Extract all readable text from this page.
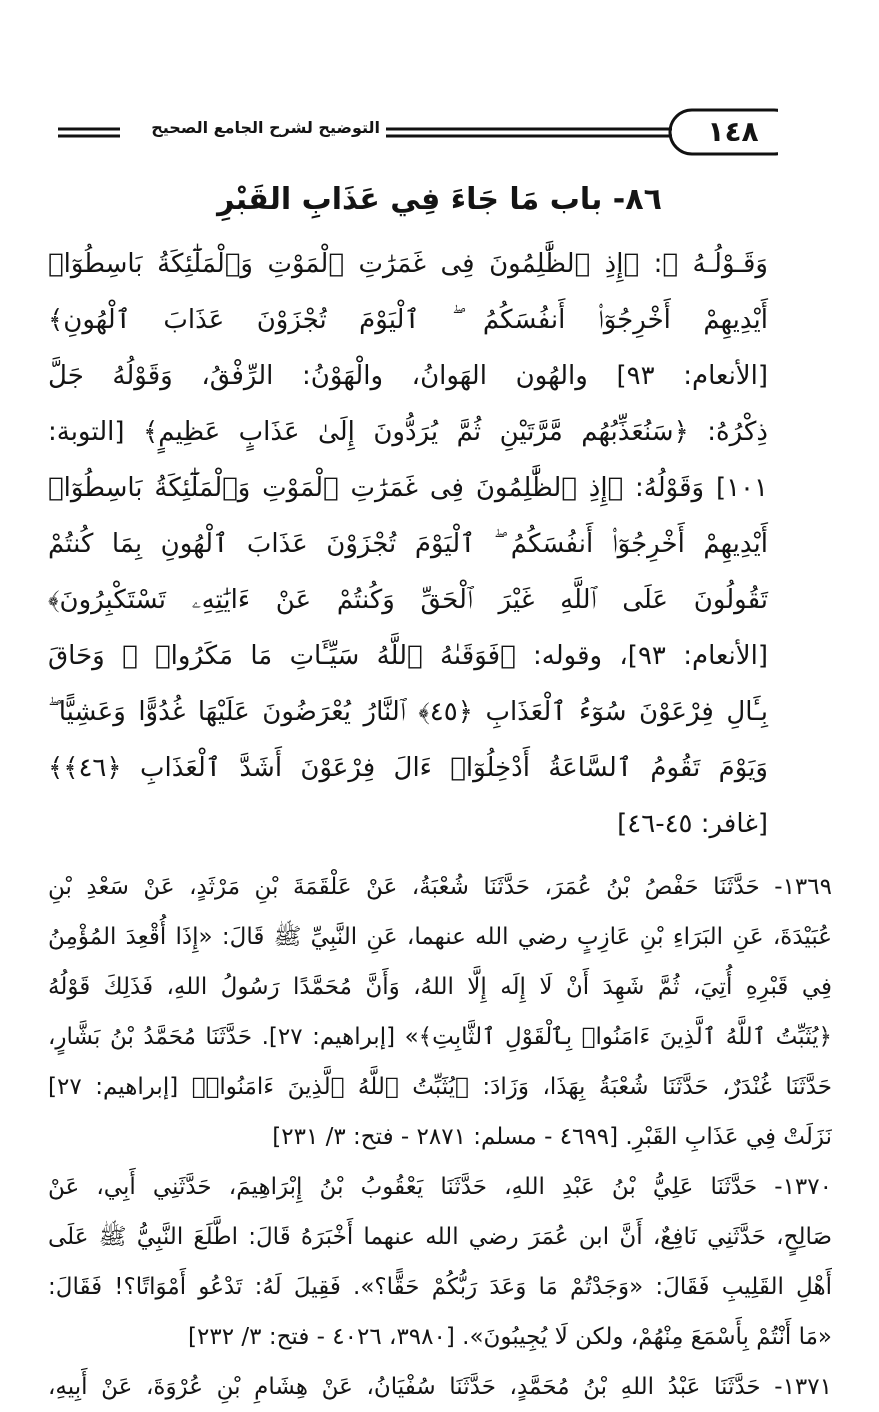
١٤٨
التوضيح لشرح الجامع الصحيح
٨٦- باب مَا جَاءَ فِي عَذَابِ القَبْرِ

وَقَـوْلُـهُ ﷻ: ﴿إِذِ ٱلظَّٰلِمُونَ فِى غَمَرَٰتِ ٱلْمَوْتِ وَٱلْمَلَٰٓئِكَةُ بَاسِطُوٓا۟

أَيْدِيهِمْ أَخْرِجُوٓا۟ أَنفُسَكُمُ ۖ ٱلْيَوْمَ تُجْزَوْنَ عَذَابَ ٱلْهُونِ﴾

[الأنعام: ٩٣] والهُون الهَوانُ، والْهَوْنُ: الرِّفْقُ، وَقَوْلُهُ جَلَّ

ذِكْرُهُ: ﴿سَنُعَذِّبُهُم مَّرَّتَيْنِ ثُمَّ يُرَدُّونَ إِلَىٰ عَذَابٍ عَظِيمٍ﴾ [التوبة:

١٠١] وَقَوْلُهُ: ﴿إِذِ ٱلظَّٰلِمُونَ فِى غَمَرَٰتِ ٱلْمَوْتِ وَٱلْمَلَٰٓئِكَةُ بَاسِطُوٓا۟

أَيْدِيهِمْ أَخْرِجُوٓا۟ أَنفُسَكُمُ ۖ ٱلْيَوْمَ تُجْزَوْنَ عَذَابَ ٱلْهُونِ بِمَا كُنتُمْ

تَقُولُونَ عَلَى ٱللَّهِ غَيْرَ ٱلْحَقِّ وَكُنتُمْ عَنْ ءَايَٰتِهِۦ تَسْتَكْبِرُونَ﴾

[الأنعام: ٩٣]، وقوله: ﴿فَوَقَىٰهُ ٱللَّهُ سَيِّـَٔاتِ مَا مَكَرُوا۟ ۖ وَحَاقَ

بِـَٔالِ فِرْعَوْنَ سُوٓءُ ٱلْعَذَابِ ﴿٤٥﴾ ٱلنَّارُ يُعْرَضُونَ عَلَيْهَا غُدُوًّا وَعَشِيًّا ۖ

وَيَوْمَ تَقُومُ ٱلسَّاعَةُ أَدْخِلُوٓا۟ ءَالَ فِرْعَوْنَ أَشَدَّ ٱلْعَذَابِ ﴿٤٦﴾﴾

[غافر: ٤٥-٤٦]

١٣٦٩- حَدَّثَنَا حَفْصُ بْنُ عُمَرَ، حَدَّثَنَا شُعْبَةُ، عَنْ عَلْقَمَةَ بْنِ مَرْثَدٍ، عَنْ سَعْدِ بْنِ

عُبَيْدَةَ، عَنِ البَرَاءِ بْنِ عَازِبٍ رضي الله عنهما، عَنِ النَّبِيِّ ﷺ قَالَ: «إِذَا أُقْعِدَ المُؤْمِنُ

فِي قَبْرِهِ أُتِيَ، ثُمَّ شَهِدَ أَنْ لَا إِلَه إِلَّا اللهُ، وَأَنَّ مُحَمَّدًا رَسُولُ اللهِ، فَذَلِكَ قَوْلُهُ

﴿يُثَبِّتُ ٱللَّهُ ٱلَّذِينَ ءَامَنُوا۟ بِٱلْقَوْلِ ٱلثَّابِتِ﴾» [إبراهيم: ٢٧]. حَدَّثَنَا مُحَمَّدُ بْنُ بَشَّارٍ،

حَدَّثَنَا غُنْدَرٌ، حَدَّثَنَا شُعْبَةُ بِهَذَا، وَزَادَ: ﴿يُثَبِّتُ ٱللَّهُ ٱلَّذِينَ ءَامَنُوا۟﴾ [إبراهيم: ٢٧]

نَزَلَتْ فِي عَذَابِ القَبْرِ. [٤٦٩٩ - مسلم: ٢٨٧١ - فتح: ٣/ ٢٣١]

١٣٧٠- حَدَّثَنَا عَلِيُّ بْنُ عَبْدِ اللهِ، حَدَّثَنَا يَعْقُوبُ بْنُ إِبْرَاهِيمَ، حَدَّثَنِي أَبِي، عَنْ

صَالِحٍ، حَدَّثَنِي نَافِعٌ، أَنَّ ابن عُمَرَ رضي الله عنهما أَخْبَرَهُ قَالَ: اطَّلَعَ النَّبِيُّ ﷺ عَلَى

أَهْلِ القَلِيبِ فَقَالَ: «وَجَدْتُمْ مَا وَعَدَ رَبُّكُمْ حَقًّا؟». فَقِيلَ لَهُ: تَدْعُو أَمْوَاتًا؟! فَقَالَ:

«مَا أَنْتُمْ بِأَسْمَعَ مِنْهُمْ، ولكن لَا يُجِيبُونَ». [٣٩٨٠، ٤٠٢٦ - فتح: ٣/ ٢٣٢]

١٣٧١- حَدَّثَنَا عَبْدُ اللهِ بْنُ مُحَمَّدٍ، حَدَّثَنَا سُفْيَانُ، عَنْ هِشَامِ بْنِ عُرْوَةَ، عَنْ أَبِيهِ،
